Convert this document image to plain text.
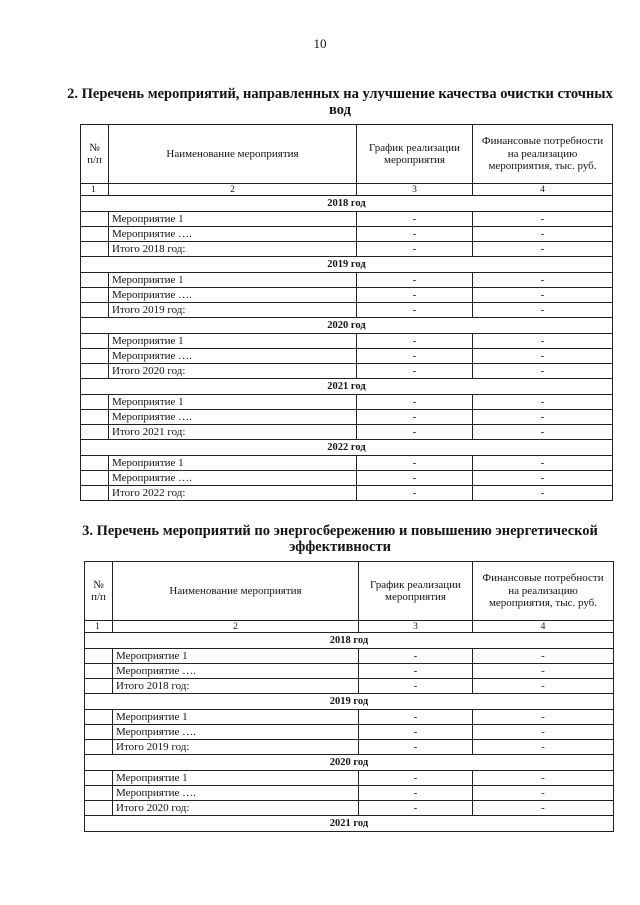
10
2. Перечень мероприятий, направленных на улучшение качества очистки сточных вод
№ п/п	Наименование мероприятия	График реализации мероприятия	Финансовые потребности на реализацию мероприятия, тыс. руб.
1	2	3	4
2018 год			
	Мероприятие 1	-	-
	Мероприятие ….	-	-
	Итого 2018 год:	-	-
2019 год			
	Мероприятие 1	-	-
	Мероприятие ….	-	-
	Итого 2019 год:	-	-
2020 год			
	Мероприятие 1	-	-
	Мероприятие ….	-	-
	Итого 2020 год:	-	-
2021 год			
	Мероприятие 1	-	-
	Мероприятие ….	-	-
	Итого 2021 год:	-	-
2022 год			
	Мероприятие 1	-	-
	Мероприятие ….	-	-
	Итого 2022 год:	-	-
3. Перечень мероприятий по энергосбережению и повышению энергетической эффективности
№ п/п	Наименование мероприятия	График реализации мероприятия	Финансовые потребности на реализацию мероприятия, тыс. руб.
1	2	3	4
2018 год			
	Мероприятие 1	-	-
	Мероприятие ….	-	-
	Итого 2018 год:	-	-
2019 год			
	Мероприятие 1	-	-
	Мероприятие ….	-	-
	Итого 2019 год:	-	-
2020 год			
	Мероприятие 1	-	-
	Мероприятие ….	-	-
	Итого 2020 год:	-	-
2021 год			
